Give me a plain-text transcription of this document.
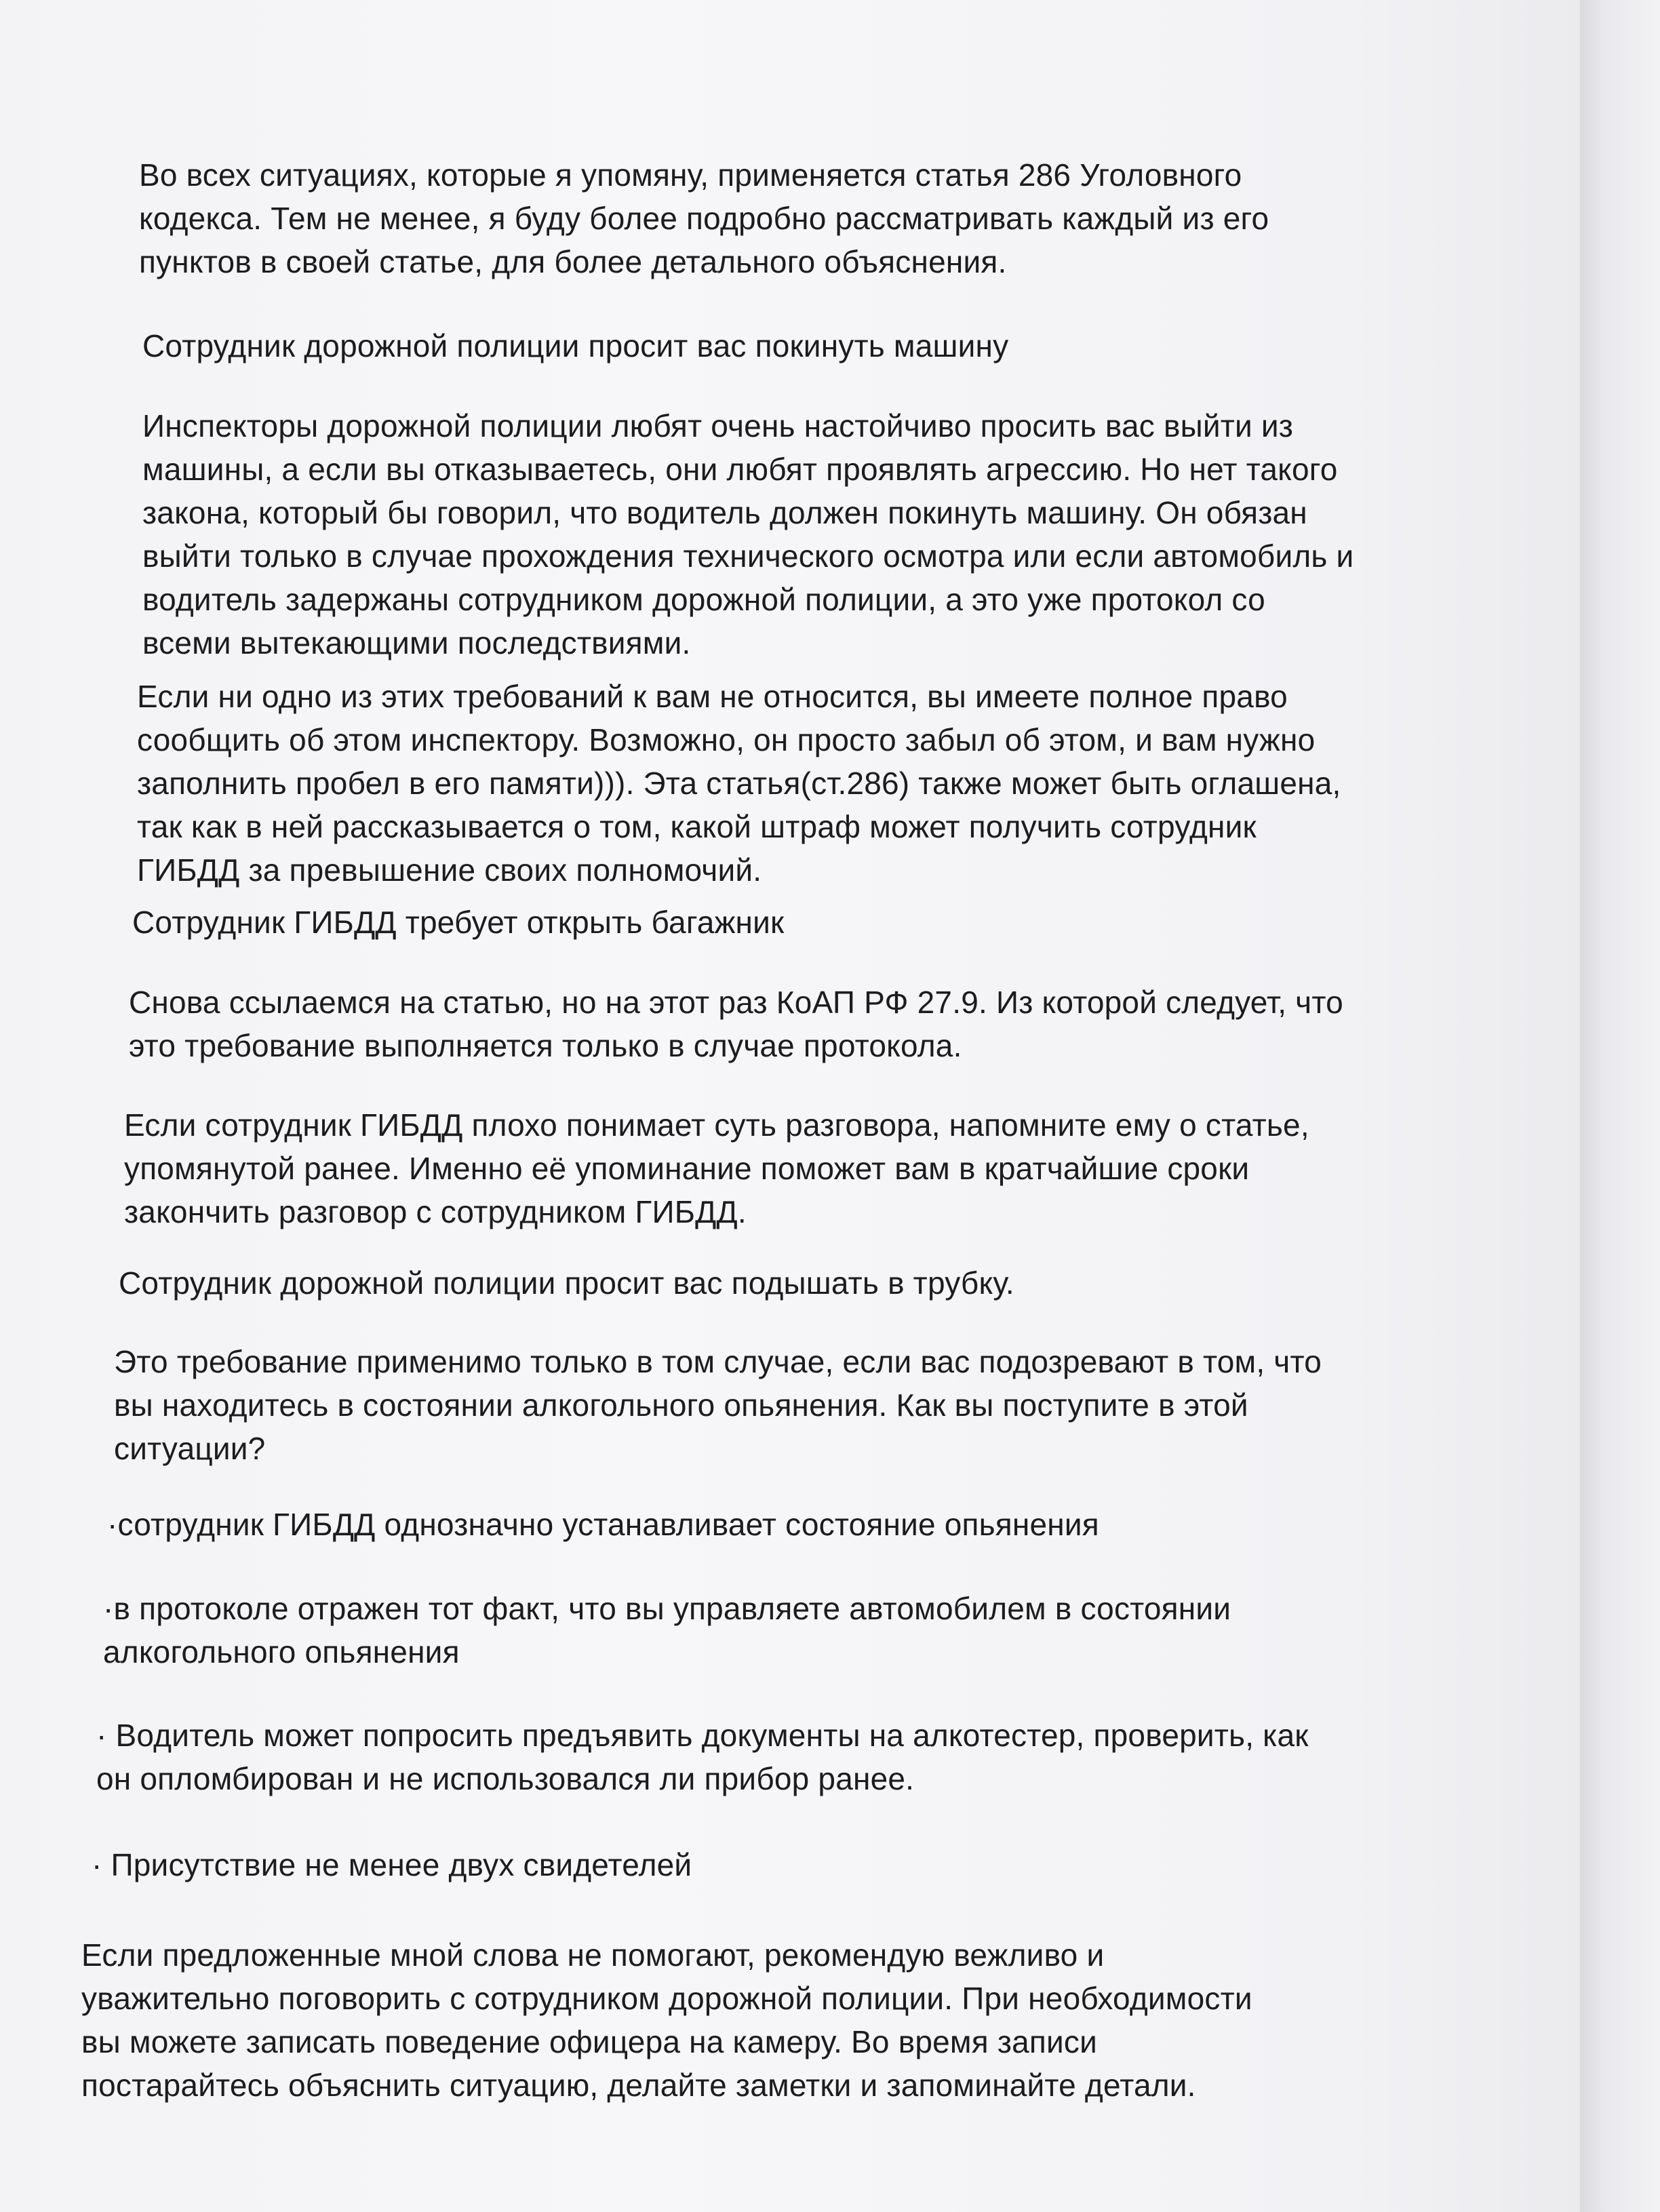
Во всех ситуациях, которые я упомяну, применяется статья 286 Уголовного
кодекса. Тем не менее, я буду более подробно рассматривать каждый из его
пунктов в своей статье, для более детального объяснения.
Сотрудник дорожной полиции просит вас покинуть машину
Инспекторы дорожной полиции любят очень настойчиво просить вас выйти из
машины, а если вы отказываетесь, они любят проявлять агрессию. Но нет такого
закона, который бы говорил, что водитель должен покинуть машину. Он обязан
выйти только в случае прохождения технического осмотра или если автомобиль и
водитель задержаны сотрудником дорожной полиции, а это уже протокол со
всеми вытекающими последствиями.
Если ни одно из этих требований к вам не относится, вы имеете полное право
сообщить об этом инспектору. Возможно, он просто забыл об этом, и вам нужно
заполнить пробел в его памяти))). Эта статья(ст.286) также может быть оглашена,
так как в ней рассказывается о том, какой штраф может получить сотрудник
ГИБДД за превышение своих полномочий.
Сотрудник ГИБДД требует открыть багажник
Снова ссылаемся на статью, но на этот раз КоАП РФ 27.9. Из которой следует, что
это требование выполняется только в случае протокола.
Если сотрудник ГИБДД плохо понимает суть разговора, напомните ему о статье,
упомянутой ранее. Именно её упоминание поможет вам в кратчайшие сроки
закончить разговор с сотрудником ГИБДД.
Сотрудник дорожной полиции просит вас подышать в трубку.
Это требование применимо только в том случае, если вас подозревают в том, что
вы находитесь в состоянии алкогольного опьянения. Как вы поступите в этой
ситуации?
·сотрудник ГИБДД однозначно устанавливает состояние опьянения
·в протоколе отражен тот факт, что вы управляете автомобилем в состоянии
алкогольного опьянения
· Водитель может попросить предъявить документы на алкотестер, проверить, как
он опломбирован и не использовался ли прибор ранее.
· Присутствие не менее двух свидетелей
Если предложенные мной слова не помогают, рекомендую вежливо и
уважительно поговорить с сотрудником дорожной полиции. При необходимости
вы можете записать поведение офицера на камеру. Во время записи
постарайтесь объяснить ситуацию, делайте заметки и запоминайте детали.
